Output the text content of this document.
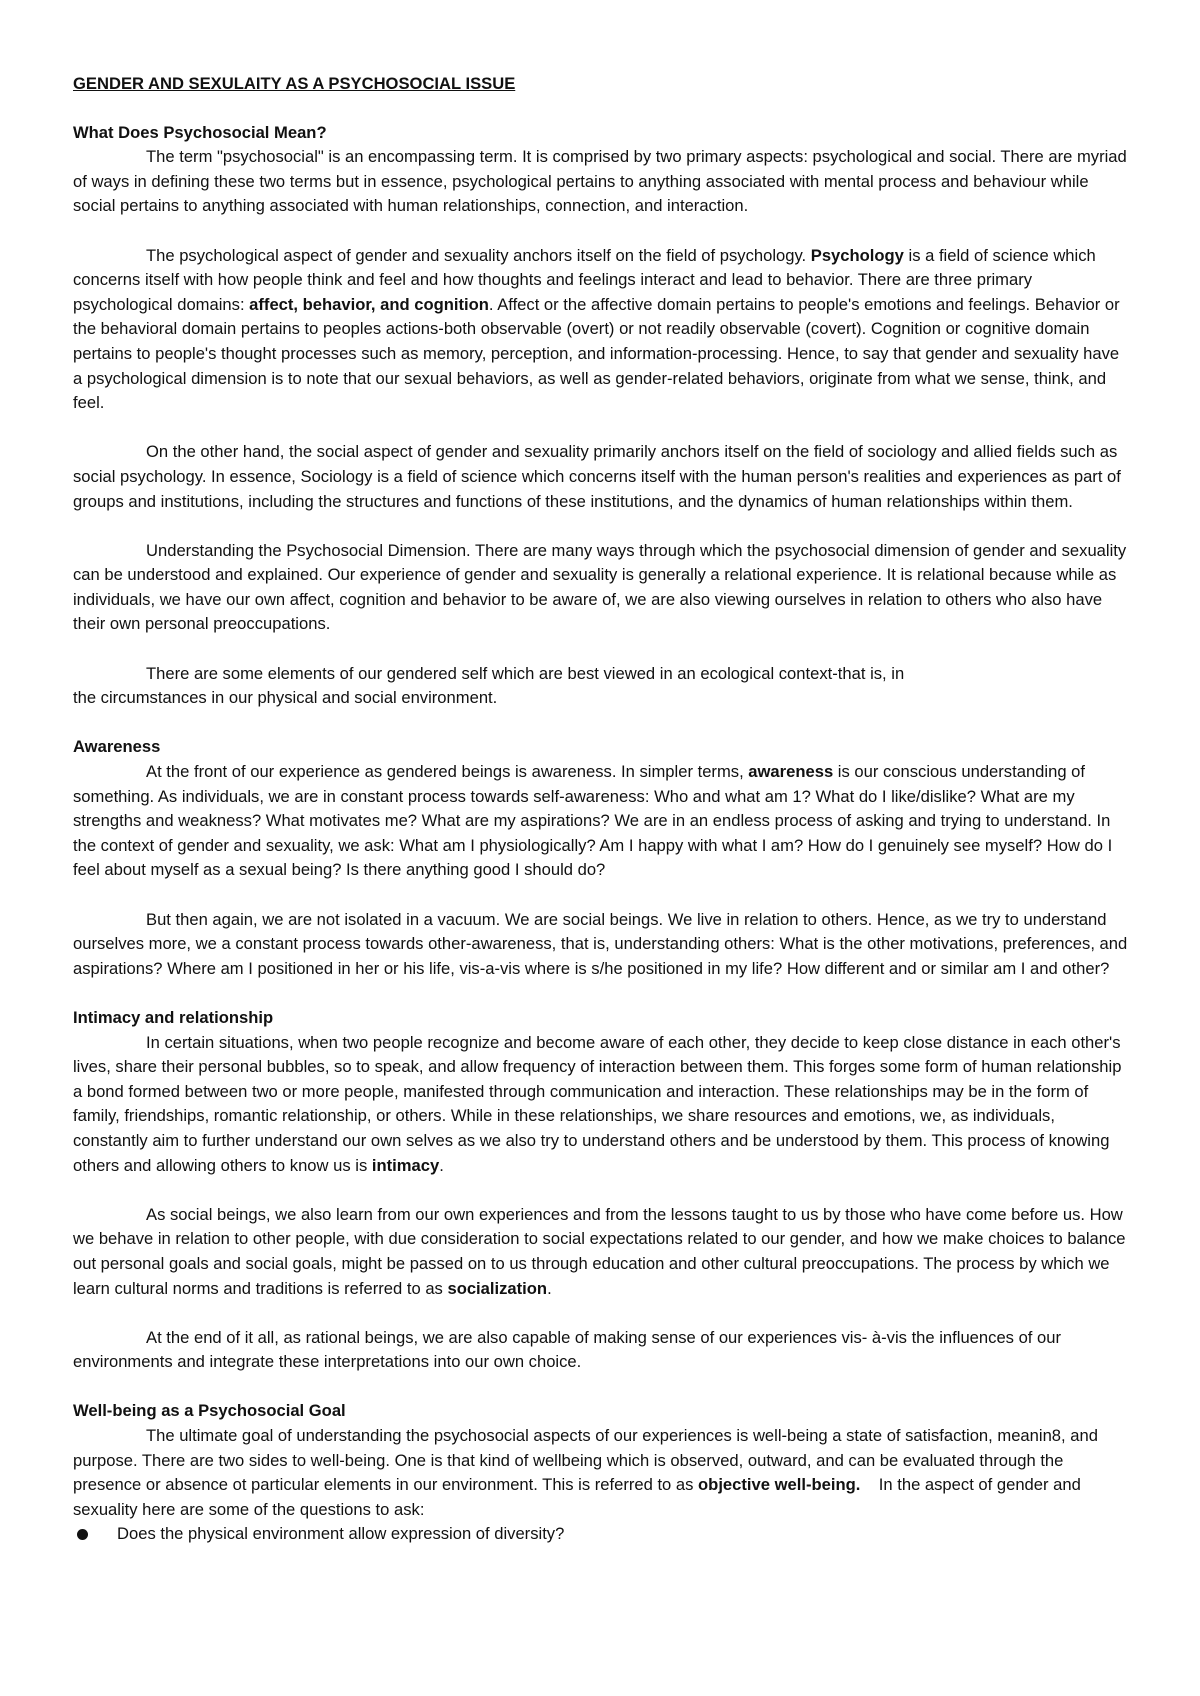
GENDER AND SEXULAITY AS A PSYCHOSOCIAL ISSUE

What Does Psychosocial Mean?

The term "psychosocial" is an encompassing term. It is comprised by two primary aspects: psychological and social. There are myriad of ways in defining these two terms but in essence, psychological pertains to anything associated with mental process and behaviour while social pertains to anything associated with human relationships, connection, and interaction.

The psychological aspect of gender and sexuality anchors itself on the field of psychology. Psychology is a field of science which concerns itself with how people think and feel and how thoughts and feelings interact and lead to behavior. There are three primary psychological domains: affect, behavior, and cognition. Affect or the affective domain pertains to people's emotions and feelings. Behavior or the behavioral domain pertains to peoples actions-both observable (overt) or not readily observable (covert). Cognition or cognitive domain pertains to people's thought processes such as memory, perception, and information-processing. Hence, to say that gender and sexuality have a psychological dimension is to note that our sexual behaviors, as well as gender-related behaviors, originate from what we sense, think, and feel.

On the other hand, the social aspect of gender and sexuality primarily anchors itself on the field of sociology and allied fields such as social psychology. In essence, Sociology is a field of science which concerns itself with the human person's realities and experiences as part of groups and institutions, including the structures and functions of these institutions, and the dynamics of human relationships within them.

Understanding the Psychosocial Dimension. There are many ways through which the psychosocial dimension of gender and sexuality can be understood and explained. Our experience of gender and sexuality is generally a relational experience. It is relational because while as individuals, we have our own affect, cognition and behavior to be aware of, we are also viewing ourselves in relation to others who also have their own personal preoccupations.

There are some elements of our gendered self which are best viewed in an ecological context-that is, in

the circumstances in our physical and social environment.

Awareness

At the front of our experience as gendered beings is awareness. In simpler terms, awareness is our conscious understanding of something. As individuals, we are in constant process towards self-awareness: Who and what am 1? What do I like/dislike? What are my strengths and weakness? What motivates me? What are my aspirations? We are in an endless process of asking and trying to understand. In the context of gender and sexuality, we ask: What am I physiologically? Am I happy with what I am? How do I genuinely see myself? How do I feel about myself as a sexual being? Is there anything good I should do?

But then again, we are not isolated in a vacuum. We are social beings. We live in relation to others. Hence, as we try to understand ourselves more, we a constant process towards other-awareness, that is, understanding others: What is the other motivations, preferences, and aspirations? Where am I positioned in her or his life, vis-a-vis where is s/he positioned in my life? How different and or similar am I and other?

Intimacy and relationship

In certain situations, when two people recognize and become aware of each other, they decide to keep close distance in each other's lives, share their personal bubbles, so to speak, and allow frequency of interaction between them. This forges some form of human relationship a bond formed between two or more people, manifested through communication and interaction. These relationships may be in the form of family, friendships, romantic relationship, or others. While in these relationships, we share resources and emotions, we, as individuals, constantly aim to further understand our own selves as we also try to understand others and be understood by them. This process of knowing others and allowing others to know us is intimacy.

As social beings, we also learn from our own experiences and from the lessons taught to us by those who have come before us. How we behave in relation to other people, with due consideration to social expectations related to our gender, and how we make choices to balance out personal goals and social goals, might be passed on to us through education and other cultural preoccupations. The process by which we learn cultural norms and traditions is referred to as socialization.

At the end of it all, as rational beings, we are also capable of making sense of our experiences vis- à-vis the influences of our environments and integrate these interpretations into our own choice.

Well-being as a Psychosocial Goal

The ultimate goal of understanding the psychosocial aspects of our experiences is well-being a state of satisfaction, meanin8, and purpose. There are two sides to well-being. One is that kind of wellbeing which is observed, outward, and can be evaluated through the presence or absence ot particular elements in our environment. This is referred to as objective well-being.    In the aspect of gender and sexuality here are some of the questions to ask:

Does the physical environment allow expression of diversity?
